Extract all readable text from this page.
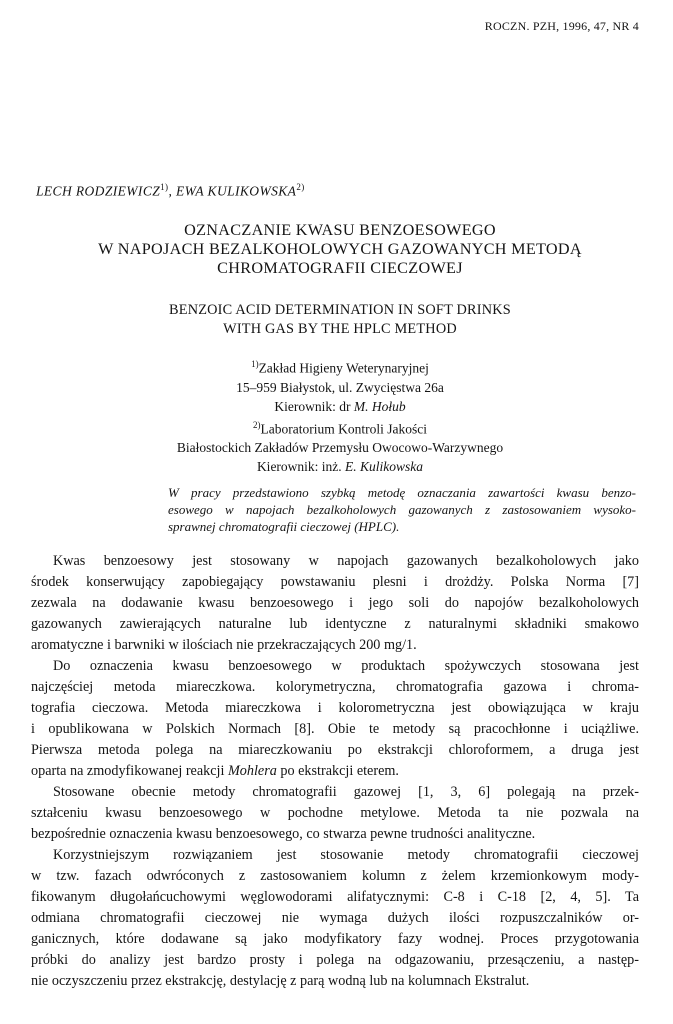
ROCZN. PZH, 1996, 47, NR 4
LECH RODZIEWICZ$^{1)}$, EWA KULIKOWSKA$^{2)}$
OZNACZANIE KWASU BENZOESOWEGO
W NAPOJACH BEZALKOHOLOWYCH GAZOWANYCH METODĄ
CHROMATOGRAFII CIECZOWEJ
BENZOIC ACID DETERMINATION IN SOFT DRINKS
WITH GAS BY THE HPLC METHOD
$^{1)}$Zakład Higieny Weterynaryjnej
15–959 Białystok, ul. Zwycięstwa 26a
Kierownik: dr M. Hołub
$^{2)}$Laboratorium Kontroli Jakości
Białostockich Zakładów Przemysłu Owocowo-Warzywnego
Kierownik: inż. E. Kulikowska
W pracy przedstawiono szybką metodę oznaczania zawartości kwasu benzo-
esowego w napojach bezalkoholowych gazowanych z zastosowaniem wysoko-
sprawnej chromatografii cieczowej (HPLC).
Kwas benzoesowy jest stosowany w napojach gazowanych bezalkoholowych jako
środek konserwujący zapobiegający powstawaniu plesni i drożdży. Polska Norma [7]
zezwala na dodawanie kwasu benzoesowego i jego soli do napojów bezalkoholowych
gazowanych zawierających naturalne lub identyczne z naturalnymi składniki smakowo
aromatyczne i barwniki w ilościach nie przekraczających 200 mg/1.
Do oznaczenia kwasu benzoesowego w produktach spożywczych stosowana jest
najczęściej metoda miareczkowa. kolorymetryczna, chromatografia gazowa i chroma-
tografia cieczowa. Metoda miareczkowa i kolorometryczna jest obowiązująca w kraju
i opublikowana w Polskich Normach [8]. Obie te metody są pracochłonne i uciążliwe.
Pierwsza metoda polega na miareczkowaniu po ekstrakcji chloroformem, a druga jest
oparta na zmodyfikowanej reakcji Mohlera po ekstrakcji eterem.
Stosowane obecnie metody chromatografii gazowej [1, 3, 6] polegają na przek-
ształceniu kwasu benzoesowego w pochodne metylowe. Metoda ta nie pozwala na
bezpośrednie oznaczenia kwasu benzoesowego, co stwarza pewne trudności analityczne.
Korzystniejszym rozwiązaniem jest stosowanie metody chromatografii cieczowej
w tzw. fazach odwróconych z zastosowaniem kolumn z żelem krzemionkowym mody-
fikowanym długołańcuchowymi węglowodorami alifatycznymi: C-8 i C-18 [2, 4, 5]. Ta
odmiana chromatografii cieczowej nie wymaga dużych ilości rozpuszczalników or-
ganicznych, które dodawane są jako modyfikatory fazy wodnej. Proces przygotowania
próbki do analizy jest bardzo prosty i polega na odgazowaniu, przesączeniu, a następ-
nie oczyszczeniu przez ekstrakcję, destylację z parą wodną lub na kolumnach Ekstralut.
